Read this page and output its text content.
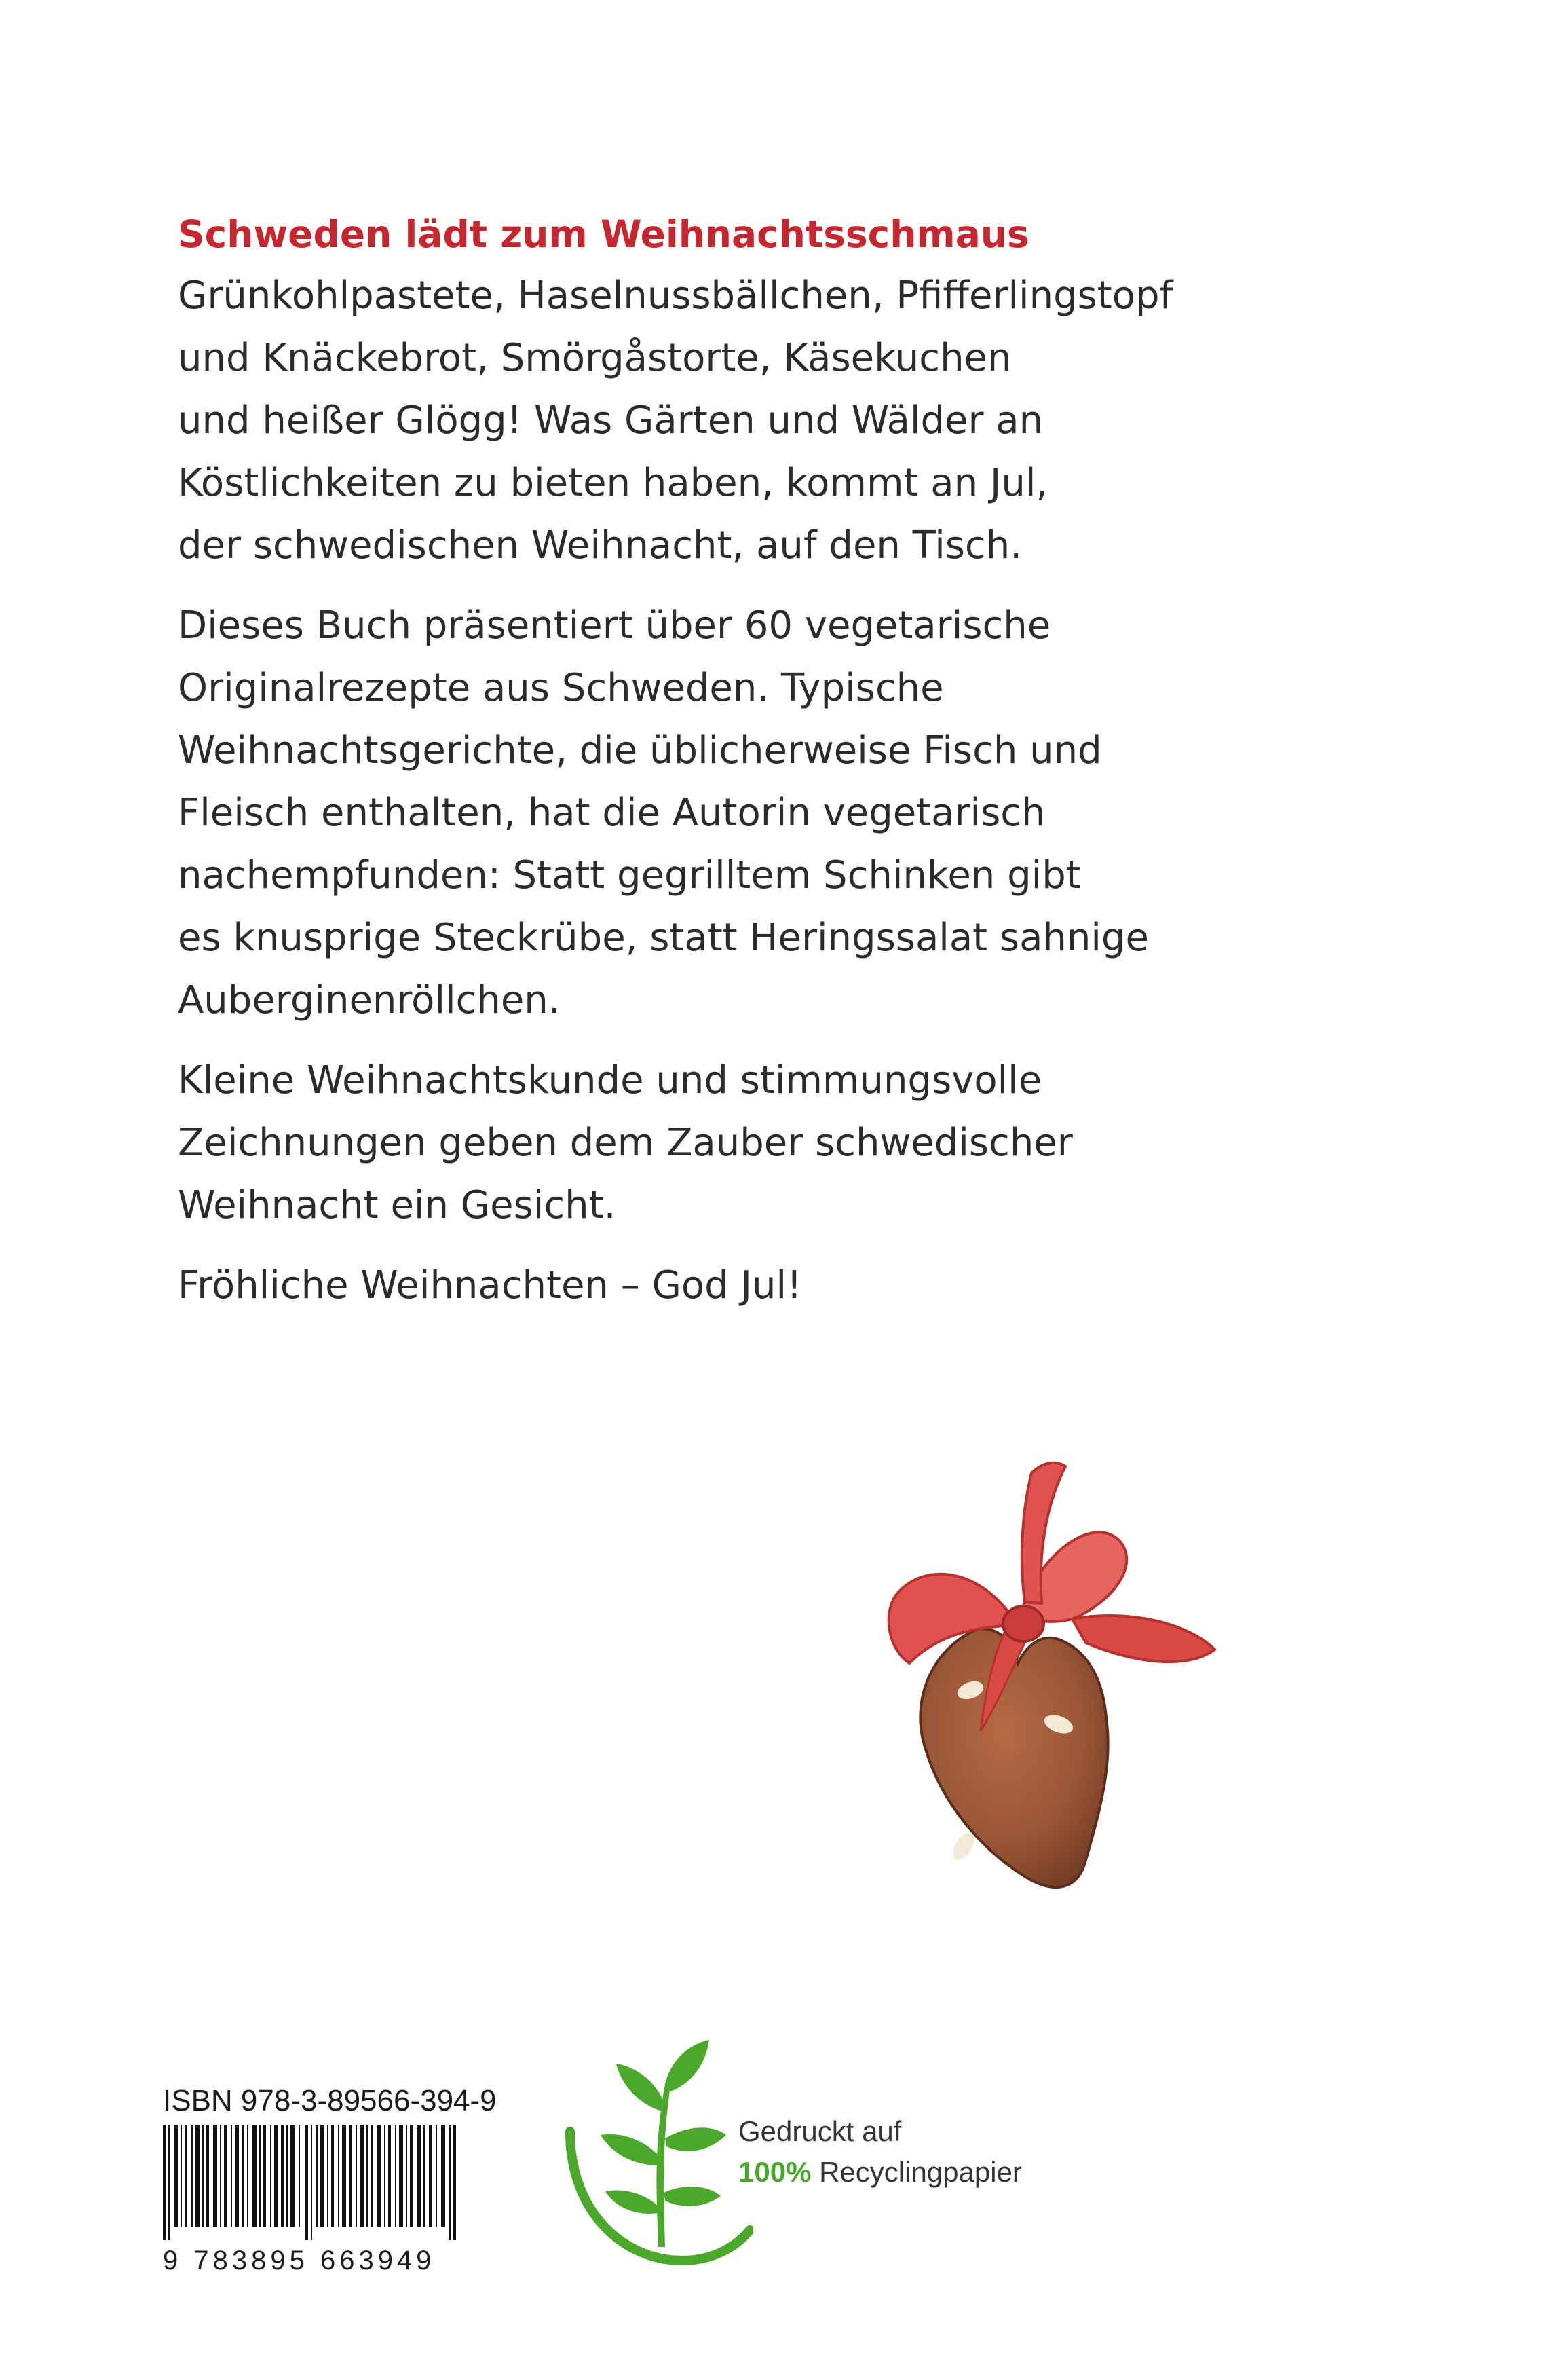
Schweden lädt zum Weihnachtsschmaus

Grünkohlpastete, Haselnussbällchen, Pfifferlingstopf
und Knäckebrot, Smörgåstorte, Käsekuchen
und heißer Glögg! Was Gärten und Wälder an
Köstlichkeiten zu bieten haben, kommt an Jul,
der schwedischen Weihnacht, auf den Tisch.

Dieses Buch präsentiert über 60 vegetarische
Originalrezepte aus Schweden. Typische
Weihnachtsgerichte, die üblicherweise Fisch und
Fleisch enthalten, hat die Autorin vegetarisch
nachempfunden: Statt gegrilltem Schinken gibt
es knusprige Steckrübe, statt Heringssalat sahnige
Auberginenröllchen.

Kleine Weihnachtskunde und stimmungsvolle
Zeichnungen geben dem Zauber schwedischer
Weihnacht ein Gesicht.

Fröhliche Weihnachten – God Jul!

ISBN 978-3-89566-394-9
9 783895 663949
Gedruckt auf
100% Recyclingpapier
